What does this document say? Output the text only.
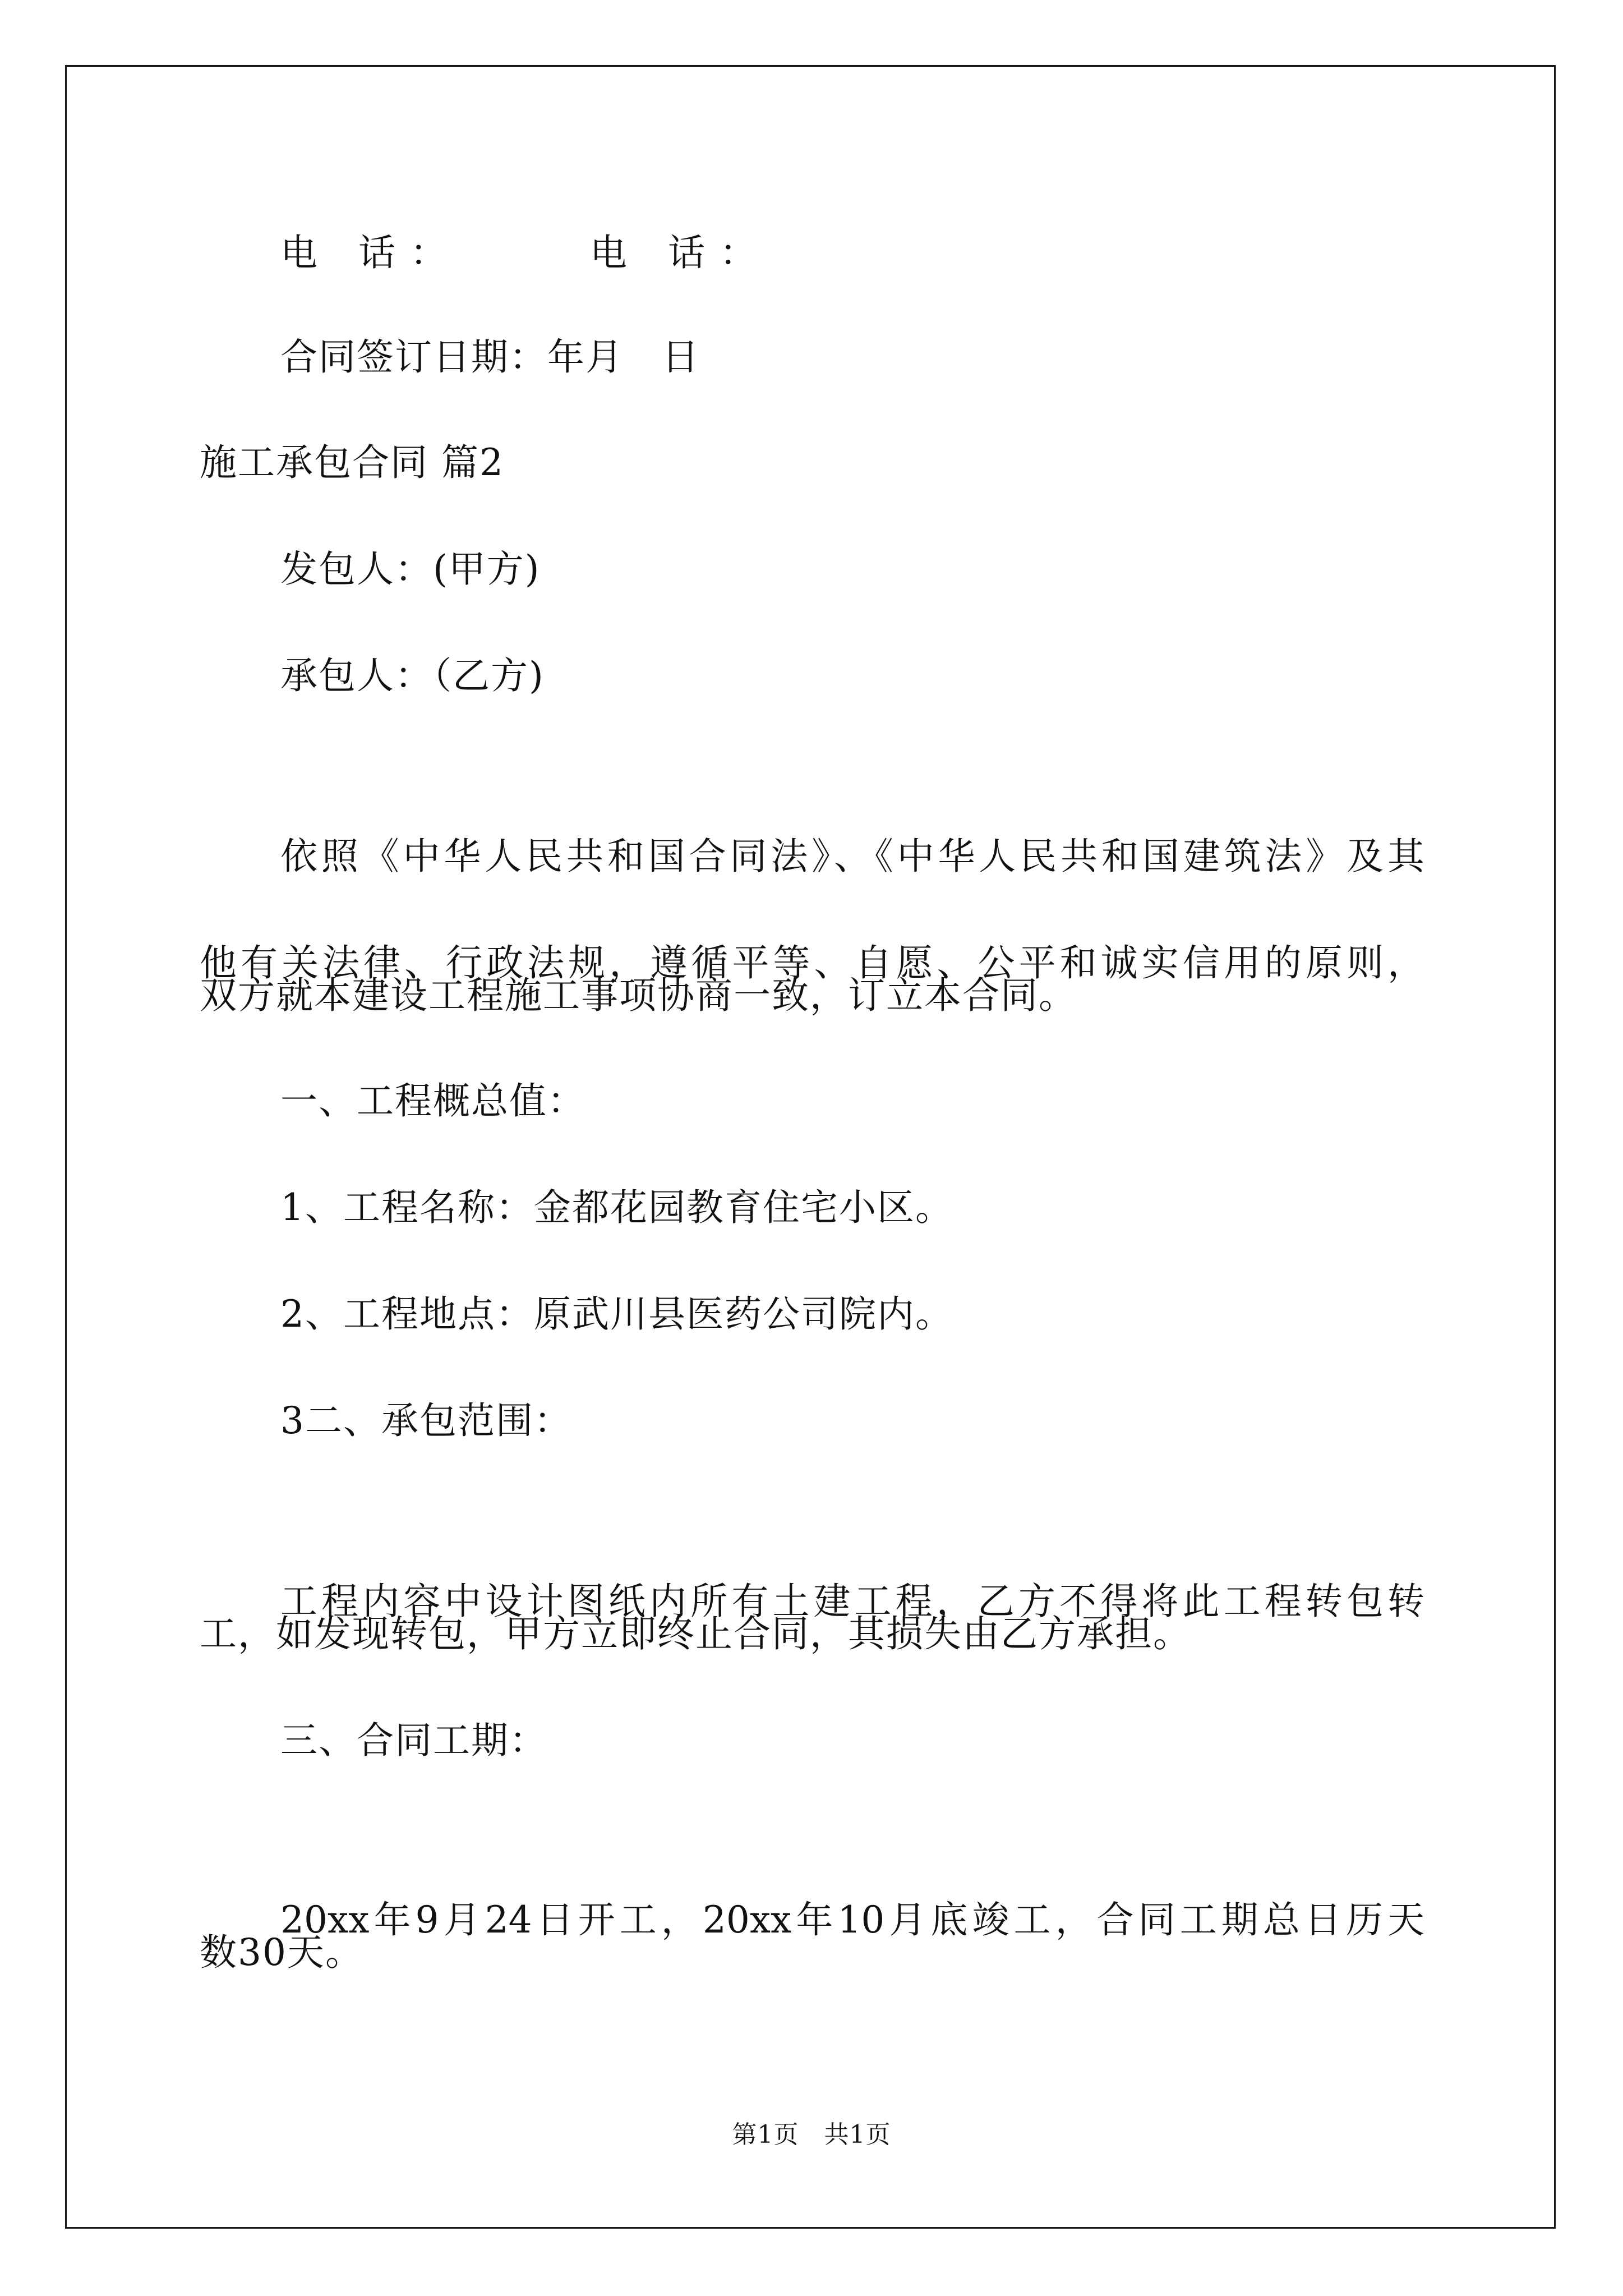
电 话：	电 话：
合同签订日期：年月　日
施工承包合同 篇2
发包人：(甲方)
承包人：（乙方)

依照《中华人民共和国合同法》、《中华人民共和国建筑法》及其

他有关法律、行政法规，遵循平等、自愿、公平和诚实信用的原则，

双方就本建设工程施工事项协商一致，订立本合同。
一、工程概总值：
1、工程名称：金都花园教育住宅小区。
2、工程地点：原武川县医药公司院内。
3二、承包范围：

工程内容中设计图纸内所有土建工程，乙方不得将此工程转包转

工，如发现转包，甲方立即终止合同，其损失由乙方承担。
三、合同工期：

20xx年9月24日开工，20xx年10月底竣工，合同工期总日历天

数30天。
第1页　共1页
